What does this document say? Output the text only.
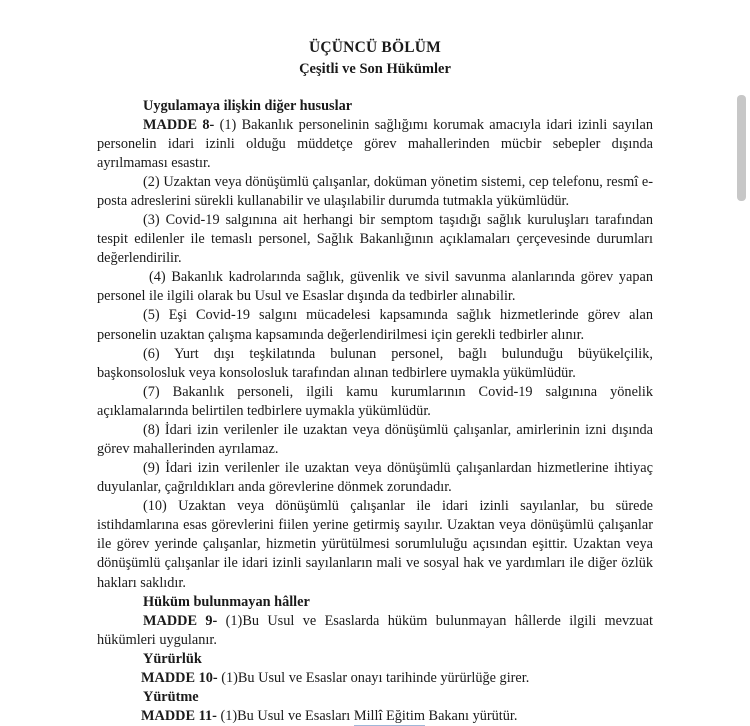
ÜÇÜNCÜ BÖLÜM
Çeşitli ve Son Hükümler
Uygulamaya ilişkin diğer hususlar

MADDE 8- (1) Bakanlık personelinin sağlığımı korumak amacıyla idari izinli sayılan personelin idari izinli olduğu müddetçe görev mahallerinden mücbir sebepler dışında ayrılmaması esastır.

(2) Uzaktan veya dönüşümlü çalışanlar, doküman yönetim sistemi, cep telefonu, resmî e-posta adreslerini sürekli kullanabilir ve ulaşılabilir durumda tutmakla yükümlüdür.

(3) Covid-19 salgınına ait herhangi bir semptom taşıdığı sağlık kuruluşları tarafından tespit edilenler ile temaslı personel, Sağlık Bakanlığının açıklamaları çerçevesinde durumları değerlendirilir.

(4) Bakanlık kadrolarında sağlık, güvenlik ve sivil savunma alanlarında görev yapan personel ile ilgili olarak bu Usul ve Esaslar dışında da tedbirler alınabilir.

(5) Eşi Covid-19 salgını mücadelesi kapsamında sağlık hizmetlerinde görev alan personelin uzaktan çalışma kapsamında değerlendirilmesi için gerekli tedbirler alınır.

(6) Yurt dışı teşkilatında bulunan personel, bağlı bulunduğu büyükelçilik, başkonsolosluk veya konsolosluk tarafından alınan tedbirlere uymakla yükümlüdür.

(7) Bakanlık personeli, ilgili kamu kurumlarının Covid-19 salgınına yönelik açıklamalarında belirtilen tedbirlere uymakla yükümlüdür.

(8) İdari izin verilenler ile uzaktan veya dönüşümlü çalışanlar, amirlerinin izni dışında görev mahallerinden ayrılamaz.

(9) İdari izin verilenler ile uzaktan veya dönüşümlü çalışanlardan hizmetlerine ihtiyaç duyulanlar, çağrıldıkları anda görevlerine dönmek zorundadır.

(10) Uzaktan veya dönüşümlü çalışanlar ile idari izinli sayılanlar, bu sürede istihdamlarına esas görevlerini fiilen yerine getirmiş sayılır. Uzaktan veya dönüşümlü çalışanlar ile görev yerinde çalışanlar, hizmetin yürütülmesi sorumluluğu açısından eşittir. Uzaktan veya dönüşümlü çalışanlar ile idari izinli sayılanların mali ve sosyal hak ve yardımları ile diğer özlük hakları saklıdır.

Hüküm bulunmayan hâller

MADDE 9- (1)Bu Usul ve Esaslarda hüküm bulunmayan hâllerde ilgili mevzuat hükümleri uygulanır.

Yürürlük

MADDE 10- (1)Bu Usul ve Esaslar onayı tarihinde yürürlüğe girer.

Yürütme

MADDE 11- (1)Bu Usul ve Esasları Millî Eğitim Bakanı yürütür.
